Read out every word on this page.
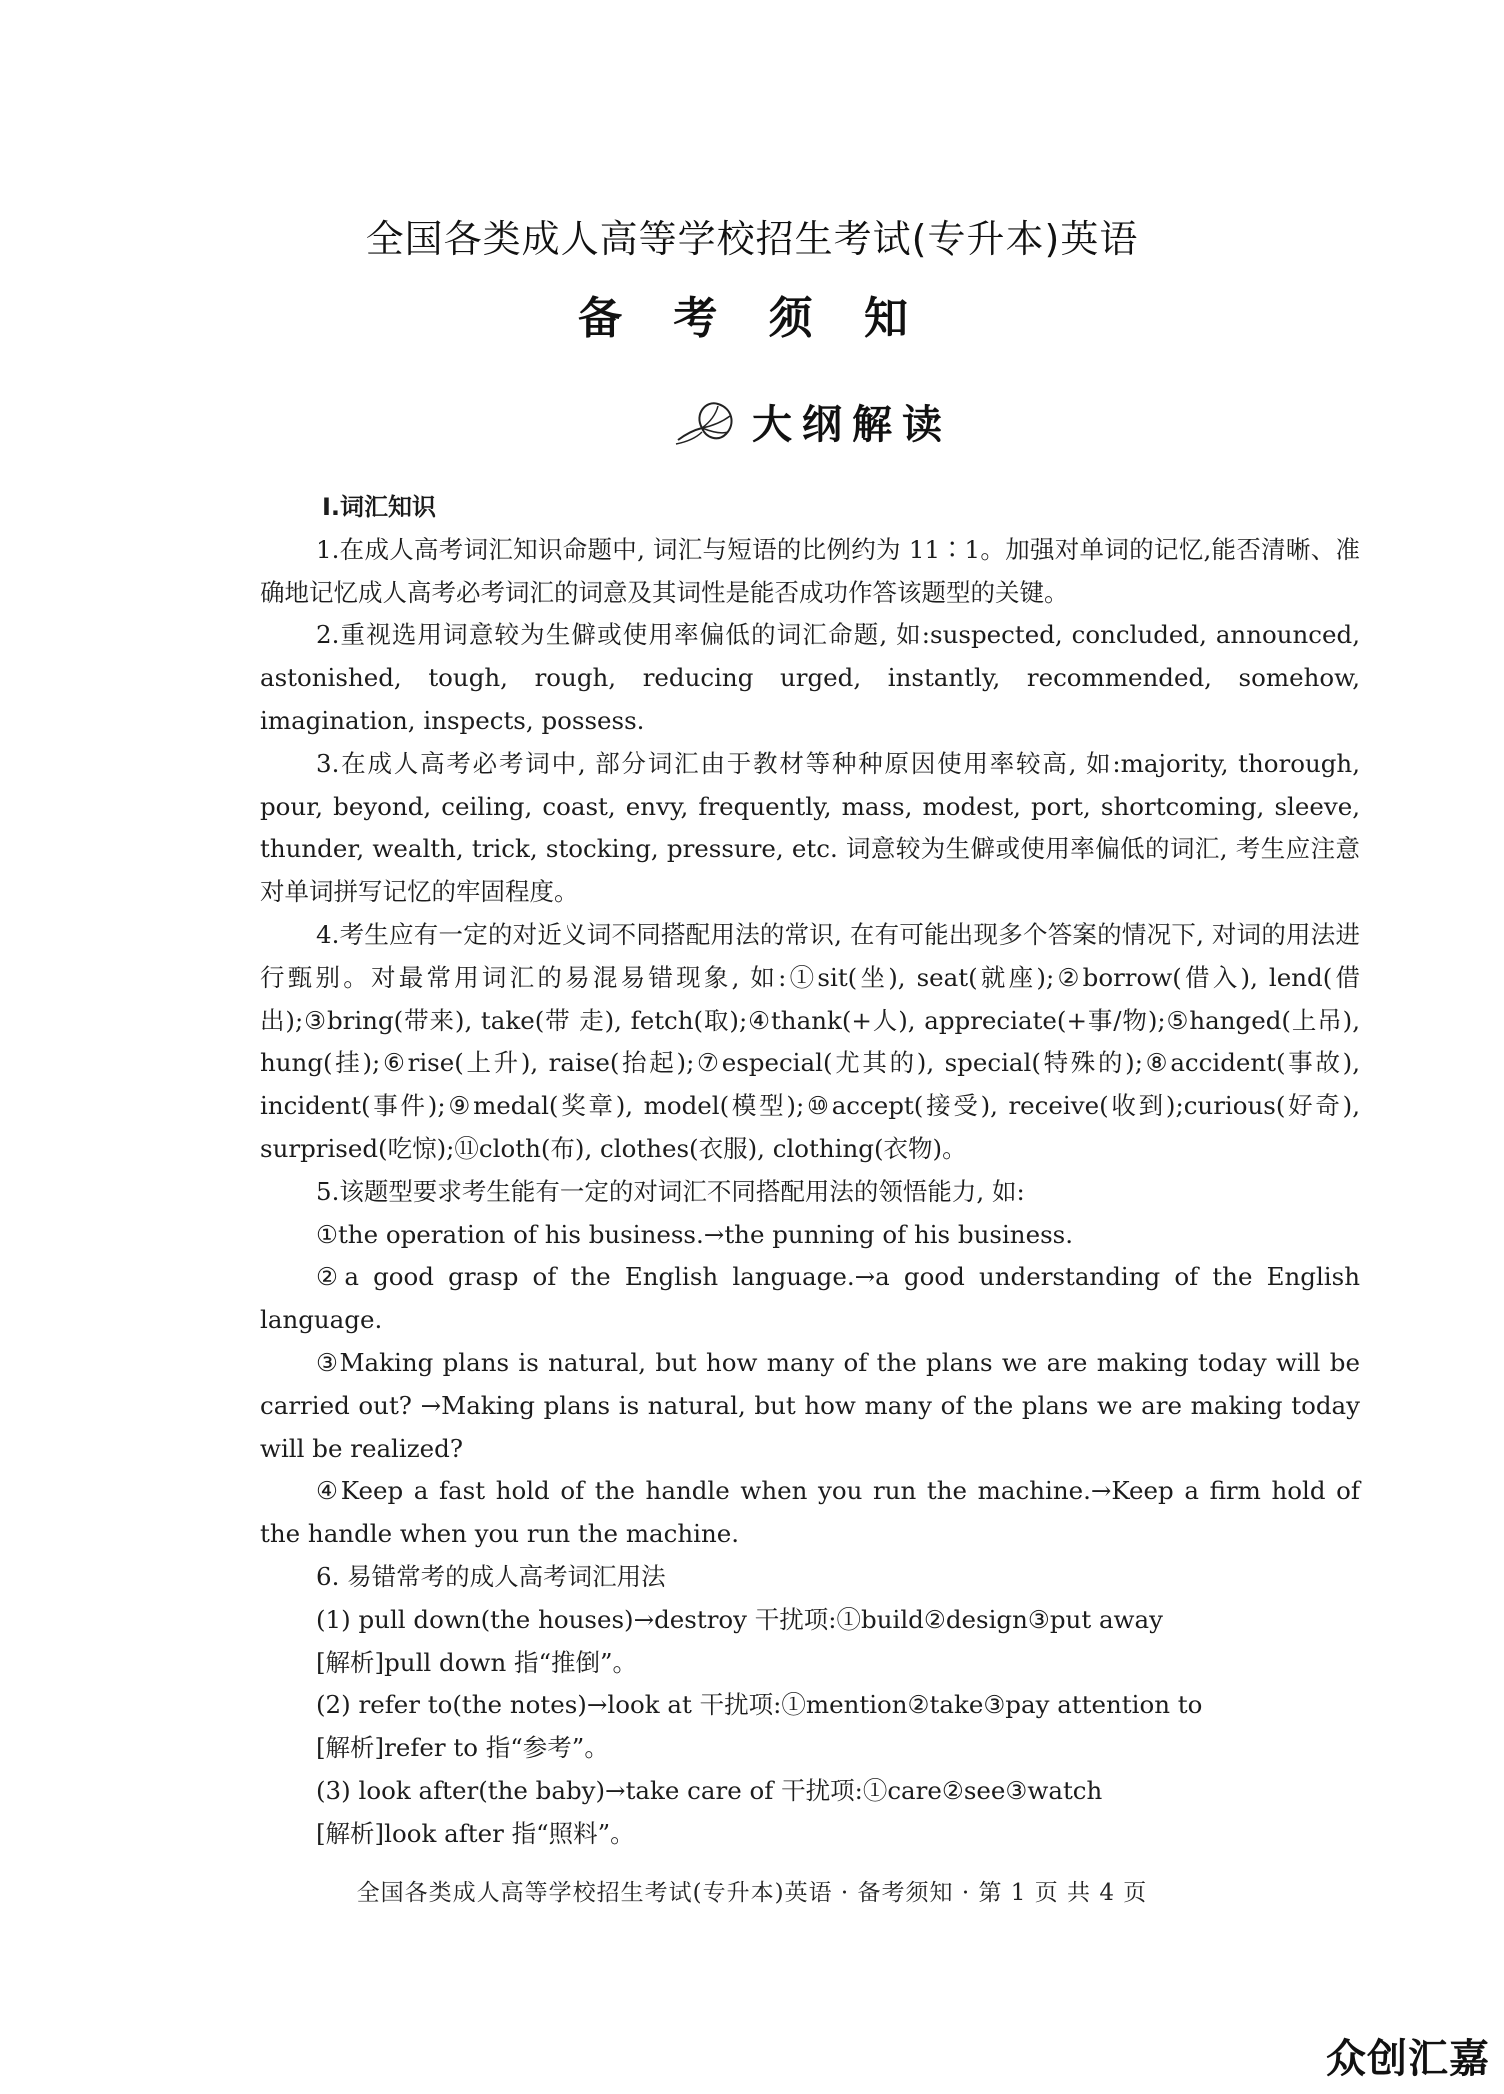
全国各类成人高等学校招生考试(专升本)英语
备 考 须 知
大纲解读

Ⅰ.词汇知识

1.在成人高考词汇知识命题中, 词汇与短语的比例约为 11∶1。加强对单词的记忆,能否清晰、准确地记忆成人高考必考词汇的词意及其词性是能否成功作答该题型的关键。

2.重视选用词意较为生僻或使用率偏低的词汇命题, 如:suspected, concluded, announced, astonished, tough, rough, reducing urged, instantly, recommended, somehow, imagination, inspects, possess.

3.在成人高考必考词中, 部分词汇由于教材等种种原因使用率较高, 如:majority, thorough, pour, beyond, ceiling, coast, envy, frequently, mass, modest, port, shortcoming, sleeve, thunder, wealth, trick, stocking, pressure, etc. 词意较为生僻或使用率偏低的词汇, 考生应注意对单词拼写记忆的牢固程度。

4.考生应有一定的对近义词不同搭配用法的常识, 在有可能出现多个答案的情况下, 对词的用法进行甄别。对最常用词汇的易混易错现象, 如:①sit(坐), seat(就座);②borrow(借入), lend(借出);③bring(带来), take(带 走), fetch(取);④thank(+人), appreciate(+事/物);⑤hanged(上吊), hung(挂);⑥rise(上升), raise(抬起);⑦especial(尤其的), special(特殊的);⑧accident(事故), incident(事件);⑨medal(奖章), model(模型);⑩accept(接受), receive(收到);curious(好奇), surprised(吃惊);⑪cloth(布), clothes(衣服), clothing(衣物)。

5.该题型要求考生能有一定的对词汇不同搭配用法的领悟能力, 如:

①the operation of his business.→the punning of his business.

②a good grasp of the English language.→a good understanding of the English language.

③Making plans is natural, but how many of the plans we are making today will be carried out? →Making plans is natural, but how many of the plans we are making today will be realized?

④Keep a fast hold of the handle when you run the machine.→Keep a firm hold of the handle when you run the machine.

6. 易错常考的成人高考词汇用法

(1) pull down(the houses)→destroy 干扰项:①build②design③put away

[解析]pull down 指“推倒”。

(2) refer to(the notes)→look at 干扰项:①mention②take③pay attention to

[解析]refer to 指“参考”。

(3) look after(the baby)→take care of 干扰项:①care②see③watch

[解析]look after 指“照料”。

全国各类成人高等学校招生考试(专升本)英语 · 备考须知 · 第 1 页 共 4 页
众创汇嘉
